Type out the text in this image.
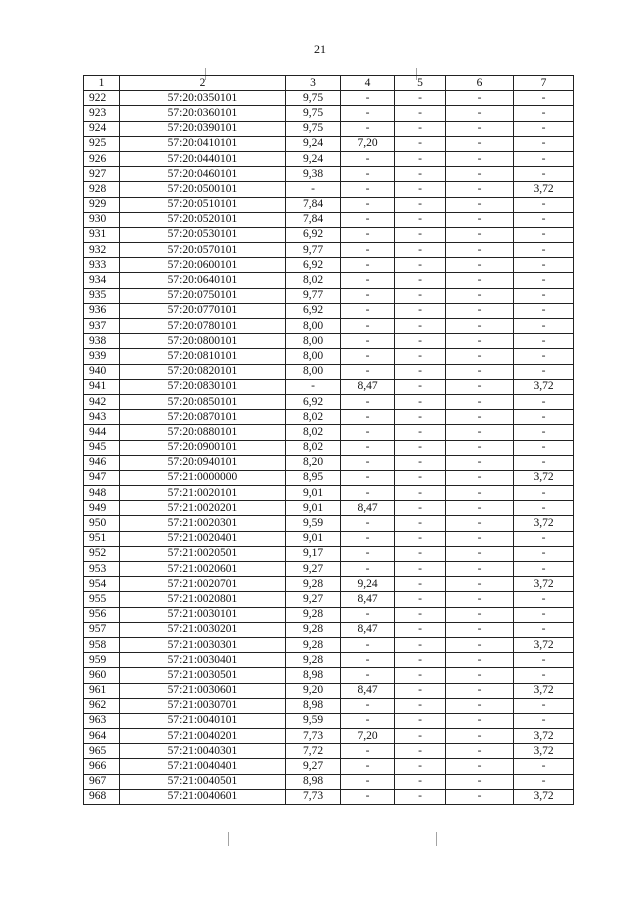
21
1	2	3	4	5	6	7
922	57:20:0350101	9,75	-	-	-	-
923	57:20:0360101	9,75	-	-	-	-
924	57:20:0390101	9,75	-	-	-	-
925	57:20:0410101	9,24	7,20	-	-	-
926	57:20:0440101	9,24	-	-	-	-
927	57:20:0460101	9,38	-	-	-	-
928	57:20:0500101	-	-	-	-	3,72
929	57:20:0510101	7,84	-	-	-	-
930	57:20:0520101	7,84	-	-	-	-
931	57:20:0530101	6,92	-	-	-	-
932	57:20:0570101	9,77	-	-	-	-
933	57:20:0600101	6,92	-	-	-	-
934	57:20:0640101	8,02	-	-	-	-
935	57:20:0750101	9,77	-	-	-	-
936	57:20:0770101	6,92	-	-	-	-
937	57:20:0780101	8,00	-	-	-	-
938	57:20:0800101	8,00	-	-	-	-
939	57:20:0810101	8,00	-	-	-	-
940	57:20:0820101	8,00	-	-	-	-
941	57:20:0830101	-	8,47	-	-	3,72
942	57:20:0850101	6,92	-	-	-	-
943	57:20:0870101	8,02	-	-	-	-
944	57:20:0880101	8,02	-	-	-	-
945	57:20:0900101	8,02	-	-	-	-
946	57:20:0940101	8,20	-	-	-	-
947	57:21:0000000	8,95	-	-	-	3,72
948	57:21:0020101	9,01	-	-	-	-
949	57:21:0020201	9,01	8,47	-	-	-
950	57:21:0020301	9,59	-	-	-	3,72
951	57:21:0020401	9,01	-	-	-	-
952	57:21:0020501	9,17	-	-	-	-
953	57:21:0020601	9,27	-	-	-	-
954	57:21:0020701	9,28	9,24	-	-	3,72
955	57:21:0020801	9,27	8,47	-	-	-
956	57:21:0030101	9,28	-	-	-	-
957	57:21:0030201	9,28	8,47	-	-	-
958	57:21:0030301	9,28	-	-	-	3,72
959	57:21:0030401	9,28	-	-	-	-
960	57:21:0030501	8,98	-	-	-	-
961	57:21:0030601	9,20	8,47	-	-	3,72
962	57:21:0030701	8,98	-	-	-	-
963	57:21:0040101	9,59	-	-	-	-
964	57:21:0040201	7,73	7,20	-	-	3,72
965	57:21:0040301	7,72	-	-	-	3,72
966	57:21:0040401	9,27	-	-	-	-
967	57:21:0040501	8,98	-	-	-	-
968	57:21:0040601	7,73	-	-	-	3,72
